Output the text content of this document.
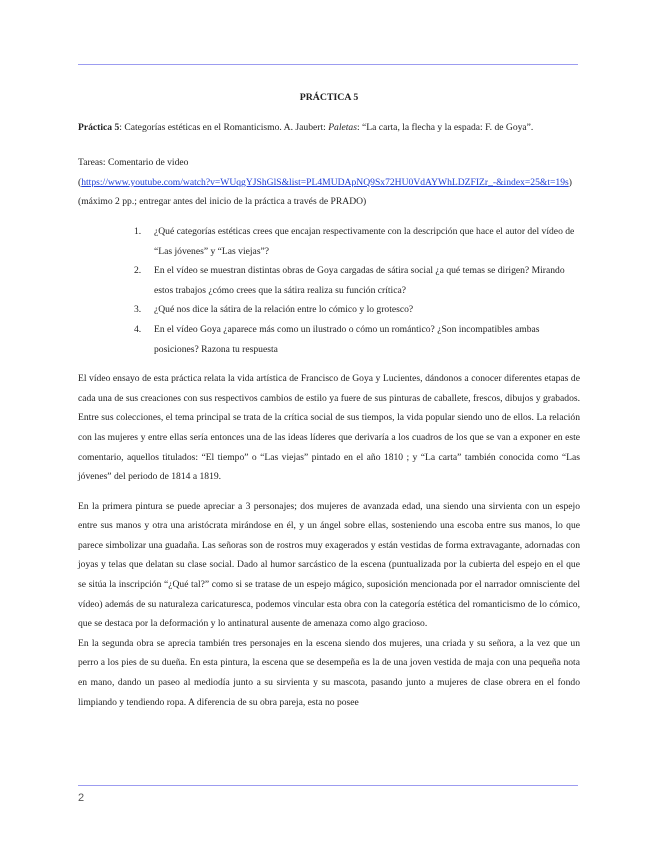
PRÁCTICA 5

Práctica 5: Categorías estéticas en el Romanticismo. A. Jaubert: Paletas: “La carta, la flecha y la espada: F. de Goya”.

Tareas: Comentario de video

(https://www.youtube.com/watch?v=WUqgYJShGlS&list=PL4MUDApNQ9Sx72HU0VdAYWhLDZFIZr_-&index=25&t=19s) (máximo 2 pp.; entregar antes del inicio de la práctica a través de PRADO)

1. ¿Qué categorías estéticas crees que encajan respectivamente con la descripción que hace el autor del vídeo de “Las jóvenes” y “Las viejas”?
2. En el vídeo se muestran distintas obras de Goya cargadas de sátira social ¿a qué temas se dirigen? Mirando estos trabajos ¿cómo crees que la sátira realiza su función crítica?
3. ¿Qué nos dice la sátira de la relación entre lo cómico y lo grotesco?
4. En el vídeo Goya ¿aparece más como un ilustrado o cómo un romántico? ¿Son incompatibles ambas posiciones? Razona tu respuesta

El vídeo ensayo de esta práctica relata la vida artística de Francisco de Goya y Lucientes, dándonos a conocer diferentes etapas de cada una de sus creaciones con sus respectivos cambios de estilo ya fuere de sus pinturas de caballete, frescos, dibujos y grabados. Entre sus colecciones, el tema principal se trata de la crítica social de sus tiempos, la vida popular siendo uno de ellos. La relación con las mujeres y entre ellas sería entonces una de las ideas líderes que derivaría a los cuadros de los que se van a exponer en este comentario, aquellos titulados: “El tiempo” o “Las viejas” pintado en el año 1810 ; y “La carta” también conocida como “Las jóvenes” del periodo de 1814 a 1819.

En la primera pintura se puede apreciar a 3 personajes; dos mujeres de avanzada edad, una siendo una sirvienta con un espejo entre sus manos y otra una aristócrata mirándose en él, y un ángel sobre ellas, sosteniendo una escoba entre sus manos, lo que parece simbolizar una guadaña. Las señoras son de rostros muy exagerados y están vestidas de forma extravagante, adornadas con joyas y telas que delatan su clase social. Dado al humor sarcástico de la escena (puntualizada por la cubierta del espejo en el que se sitúa la inscripción “¿Qué tal?” como si se tratase de un espejo mágico, suposición mencionada por el narrador omnisciente del vídeo) además de su naturaleza caricaturesca, podemos vincular esta obra con la categoría estética del romanticismo de lo cómico, que se destaca por la deformación y lo antinatural ausente de amenaza como algo gracioso.

En la segunda obra se aprecia también tres personajes en la escena siendo dos mujeres, una criada y su señora, a la vez que un perro a los pies de su dueña. En esta pintura, la escena que se desempeña es la de una joven vestida de maja con una pequeña nota en mano, dando un paseo al mediodía junto a su sirvienta y su mascota, pasando junto a mujeres de clase obrera en el fondo limpiando y tendiendo ropa. A diferencia de su obra pareja, esta no posee

2
